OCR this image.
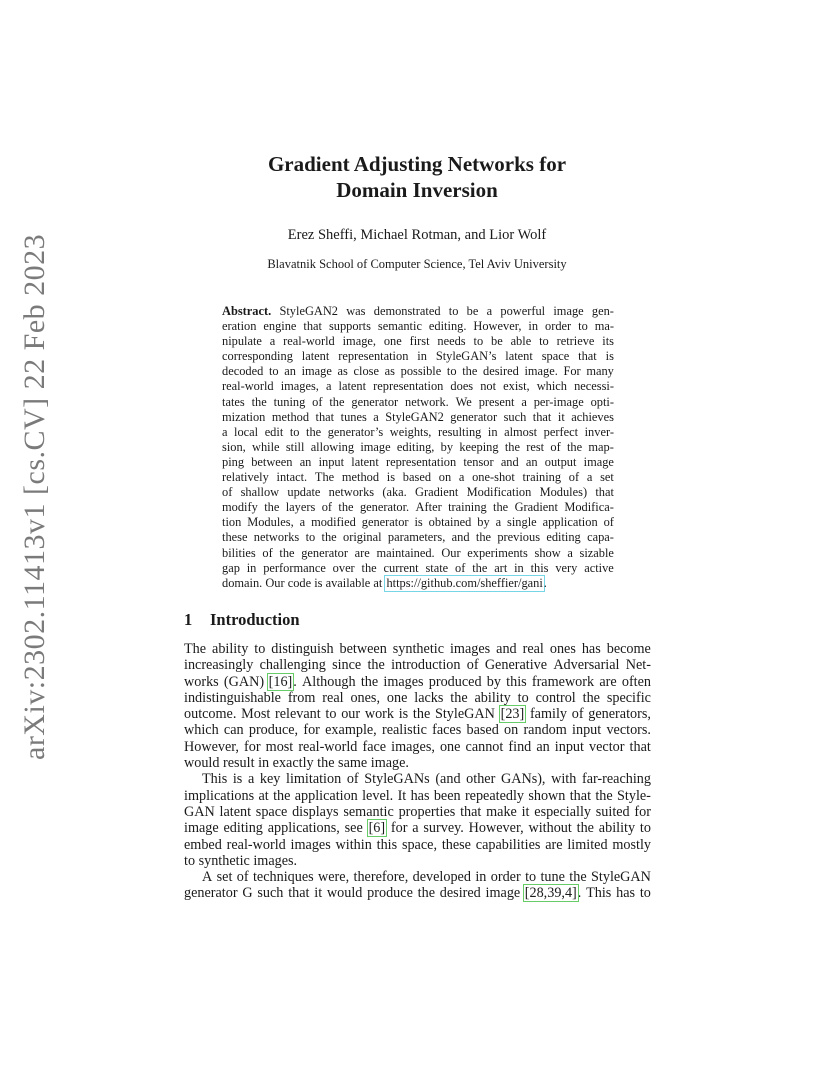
arXiv:2302.11413v1 [cs.CV] 22 Feb 2023
Gradient Adjusting Networks for
Domain Inversion
Erez Sheffi, Michael Rotman, and Lior Wolf
Blavatnik School of Computer Science, Tel Aviv University
Abstract. StyleGAN2 was demonstrated to be a powerful image gen-
eration engine that supports semantic editing. However, in order to ma-
nipulate a real-world image, one first needs to be able to retrieve its
corresponding latent representation in StyleGAN’s latent space that is
decoded to an image as close as possible to the desired image. For many
real-world images, a latent representation does not exist, which necessi-
tates the tuning of the generator network. We present a per-image opti-
mization method that tunes a StyleGAN2 generator such that it achieves
a local edit to the generator’s weights, resulting in almost perfect inver-
sion, while still allowing image editing, by keeping the rest of the map-
ping between an input latent representation tensor and an output image
relatively intact. The method is based on a one-shot training of a set
of shallow update networks (aka. Gradient Modification Modules) that
modify the layers of the generator. After training the Gradient Modifica-
tion Modules, a modified generator is obtained by a single application of
these networks to the original parameters, and the previous editing capa-
bilities of the generator are maintained. Our experiments show a sizable
gap in performance over the current state of the art in this very active
domain. Our code is available at https://github.com/sheffier/gani .
1 Introduction
The ability to distinguish between synthetic images and real ones has become
increasingly challenging since the introduction of Generative Adversarial Net-
works (GAN) [16]. Although the images produced by this framework are often
indistinguishable from real ones, one lacks the ability to control the specific
outcome. Most relevant to our work is the StyleGAN [23] family of generators,
which can produce, for example, realistic faces based on random input vectors.
However, for most real-world face images, one cannot find an input vector that
would result in exactly the same image.
This is a key limitation of StyleGANs (and other GANs), with far-reaching
implications at the application level. It has been repeatedly shown that the Style-
GAN latent space displays semantic properties that make it especially suited for
image editing applications, see [6] for a survey. However, without the ability to
embed real-world images within this space, these capabilities are limited mostly
to synthetic images.
A set of techniques were, therefore, developed in order to tune the StyleGAN
generator G such that it would produce the desired image [28,39,4]. This has to
